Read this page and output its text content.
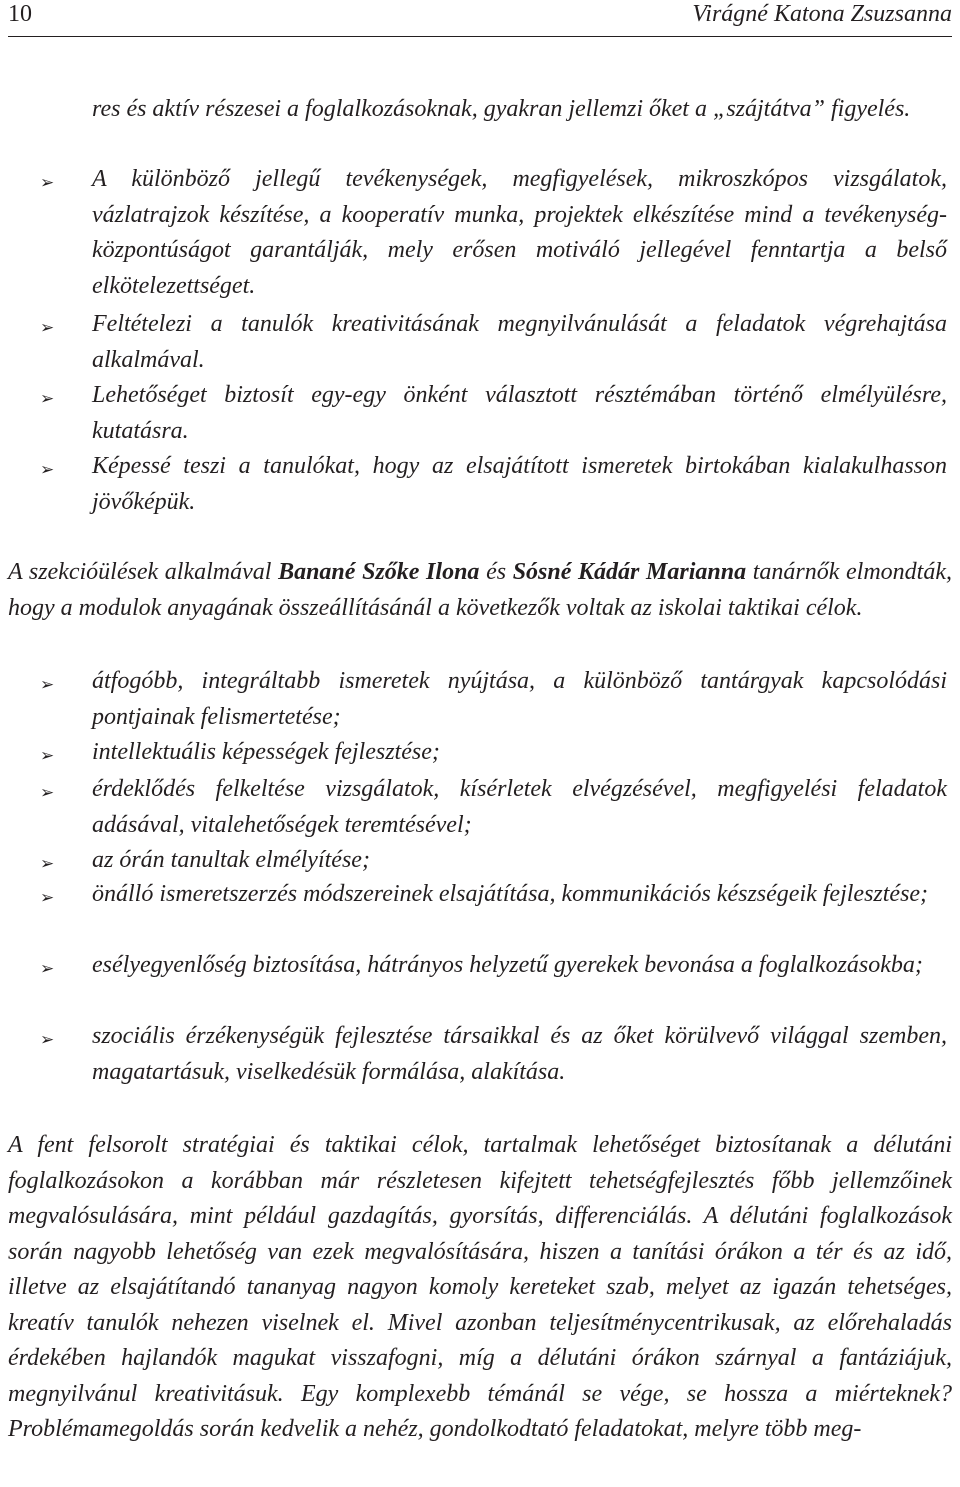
10	Virágné Katona Zsuzsanna
res és aktív részesei a foglalkozásoknak, gyakran jellemzi őket a „szájtátva” figyelés.
➢ A különböző jellegű tevékenységek, megfigyelések, mikroszkópos vizsgálatok, vázlatrajzok készítése, a kooperatív munka, projektek elkészítése mind a tevékenység-központúságot garantálják, mely erősen motiváló jellegével fenntartja a belső elkötelezettséget.
➢ Feltételezi a tanulók kreativitásának megnyilvánulását a feladatok végrehajtása alkalmával.
➢ Lehetőséget biztosít egy-egy önként választott résztémában történő elmélyülésre, kutatásra.
➢ Képessé teszi a tanulókat, hogy az elsajátított ismeretek birtokában kialakulhasson jövőképük.
A szekcióülések alkalmával Banané Szőke Ilona és Sósné Kádár Marianna tanárnők elmondták, hogy a modulok anyagának összeállításánál a következők voltak az iskolai taktikai célok.
➢ átfogóbb, integráltabb ismeretek nyújtása, a különböző tantárgyak kapcsolódási pontjainak felismertetése;
➢ intellektuális képességek fejlesztése;
➢ érdeklődés felkeltése vizsgálatok, kísérletek elvégzésével, megfigyelési feladatok adásával, vitalehetőségek teremtésével;
➢ az órán tanultak elmélyítése;
➢ önálló ismeretszerzés módszereinek elsajátítása, kommunikációs készségeik fejlesztése;
➢ esélyegyenlőség biztosítása, hátrányos helyzetű gyerekek bevonása a foglalkozásokba;
➢ szociális érzékenységük fejlesztése társaikkal és az őket körülvevő világgal szemben, magatartásuk, viselkedésük formálása, alakítása.
A fent felsorolt stratégiai és taktikai célok, tartalmak lehetőséget biztosítanak a délutáni foglalkozásokon a korábban már részletesen kifejtett tehetségfejlesztés főbb jellemzőinek megvalósulására, mint például gazdagítás, gyorsítás, differenciálás. A délutáni foglalkozások során nagyobb lehetőség van ezek megvalósítására, hiszen a tanítási órákon a tér és az idő, illetve az elsajátítandó tananyag nagyon komoly kereteket szab, melyet az igazán tehetséges, kreatív tanulók nehezen viselnek el. Mivel azonban teljesítménycentrikusak, az előrehaladás érdekében hajlandók magukat visszafogni, míg a délutáni órákon szárnyal a fantáziájuk, megnyilvánul kreativitásuk. Egy komplexebb témánál se vége, se hossza a miérteknek? Problémamegoldás során kedvelik a nehéz, gondolkodtató feladatokat, melyre több meg-
